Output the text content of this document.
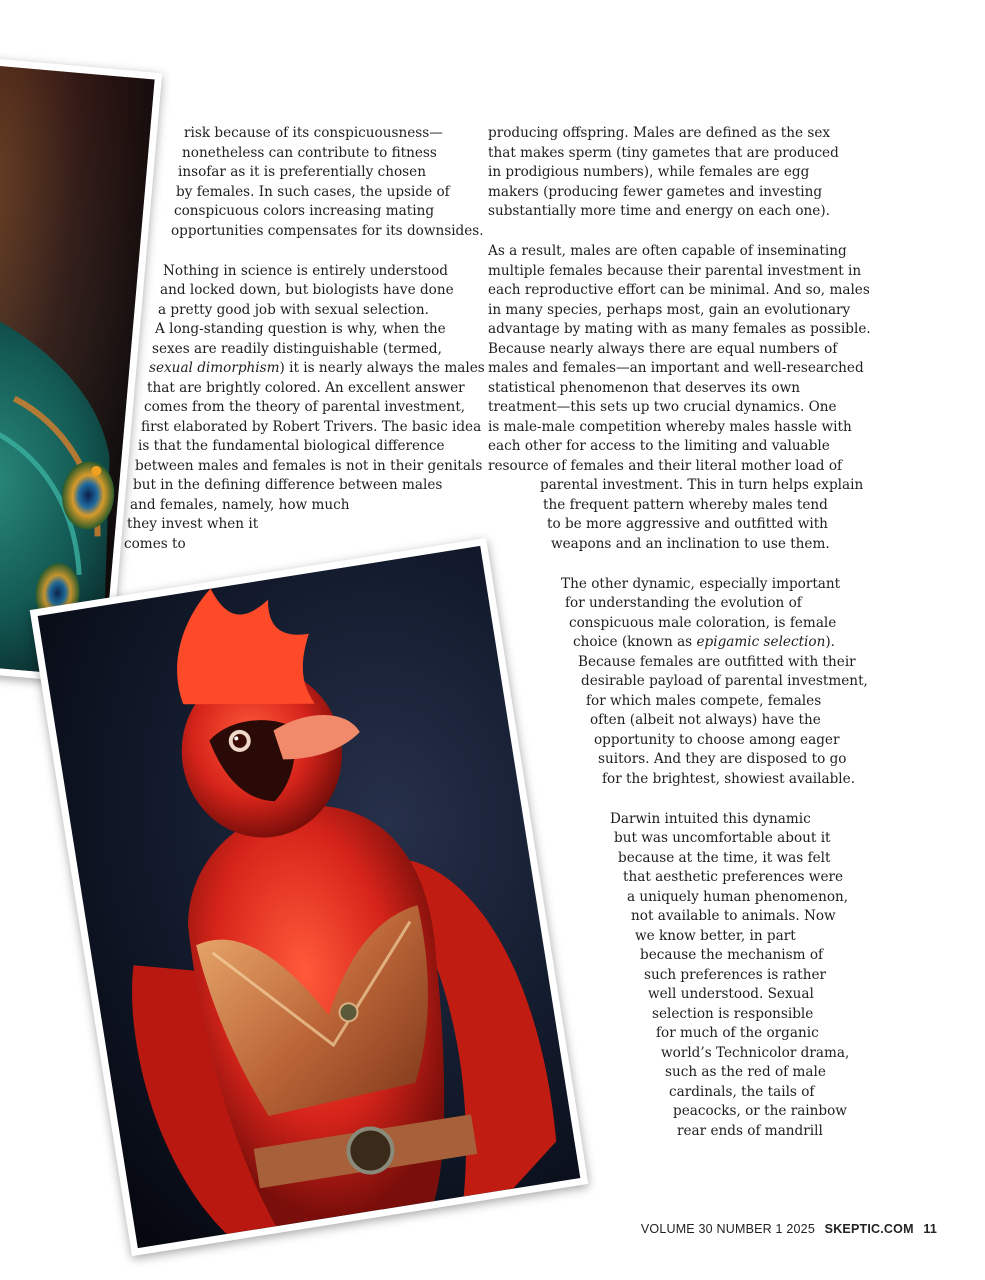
risk because of its conspicuousness—
nonetheless can contribute to fitness
insofar as it is preferentially chosen
by females. In such cases, the upside of
conspicuous colors increasing mating
opportunities compensates for its downsides.
Nothing in science is entirely understood
and locked down, but biologists have done
a pretty good job with sexual selection.
A long-standing question is why, when the
sexes are readily distinguishable (termed,
sexual dimorphism) it is nearly always the males
that are brightly colored. An excellent answer
comes from the theory of parental investment,
first elaborated by Robert Trivers. The basic idea
is that the fundamental biological difference
between males and females is not in their genitals
but in the defining difference between males
and females, namely, how much
they invest when it
comes to
producing offspring. Males are defined as the sex
that makes sperm (tiny gametes that are produced
in prodigious numbers), while females are egg
makers (producing fewer gametes and investing
substantially more time and energy on each one).
As a result, males are often capable of inseminating
multiple females because their parental investment in
each reproductive effort can be minimal. And so, males
in many species, perhaps most, gain an evolutionary
advantage by mating with as many females as possible.
Because nearly always there are equal numbers of
males and females—an important and well-researched
statistical phenomenon that deserves its own
treatment—this sets up two crucial dynamics. One
is male-male competition whereby males hassle with
each other for access to the limiting and valuable
resource of females and their literal mother load of
parental investment. This in turn helps explain
the frequent pattern whereby males tend
to be more aggressive and outfitted with
weapons and an inclination to use them.
The other dynamic, especially important
for understanding the evolution of
conspicuous male coloration, is female
choice (known as epigamic selection).
Because females are outfitted with their
desirable payload of parental investment,
for which males compete, females
often (albeit not always) have the
opportunity to choose among eager
suitors. And they are disposed to go
for the brightest, showiest available.
Darwin intuited this dynamic
but was uncomfortable about it
because at the time, it was felt
that aesthetic preferences were
a uniquely human phenomenon,
not available to animals. Now
we know better, in part
because the mechanism of
such preferences is rather
well understood. Sexual
selection is responsible
for much of the organic
world’s Technicolor drama,
such as the red of male
cardinals, the tails of
peacocks, or the rainbow
rear ends of mandrill
VOLUME 30 NUMBER 1 2025 SKEPTIC.COM 11
